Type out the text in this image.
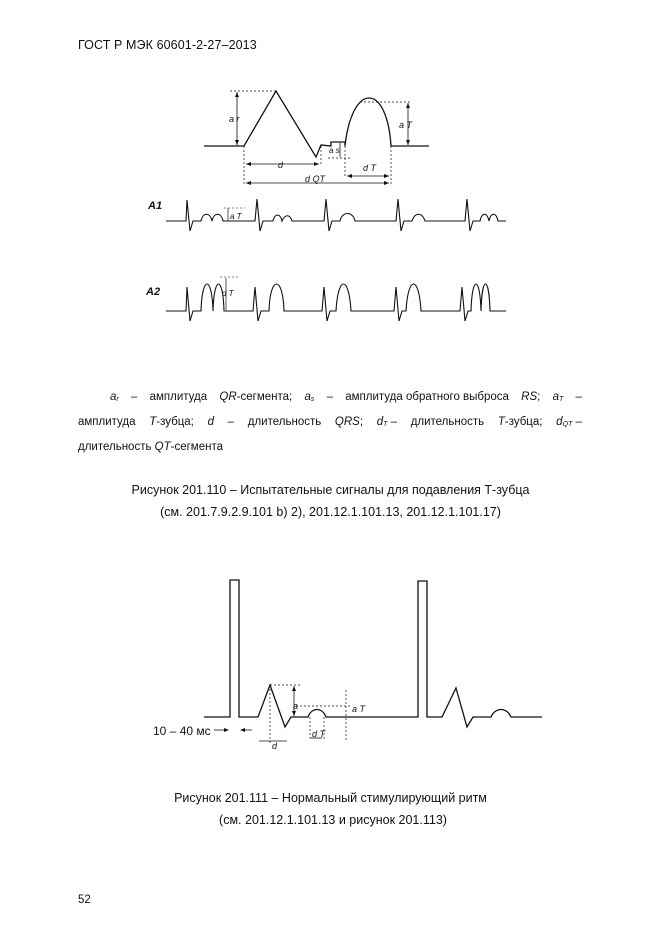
ГОСТ Р МЭК 60601-2-27–2013
a r
a T
a s
d	d T
d QT
A1
a T
A2	d T
ar – амплитуда QR-сегмента; as – амплитуда обратного выброса RS; aT –
амплитуда T-зубца; d – длительность QRS; dT – длительность T-зубца; dQT –
длительность QT-сегмента
Рисунок 201.110 – Испытательные сигналы для подавления Т-зубца
(см. 201.7.9.2.9.101 b) 2), 201.12.1.101.13, 201.12.1.101.17)
10 – 40 мс
a	a T
d
d T
Рисунок 201.111 – Нормальный стимулирующий ритм
(см. 201.12.1.101.13 и рисунок 201.113)
52
